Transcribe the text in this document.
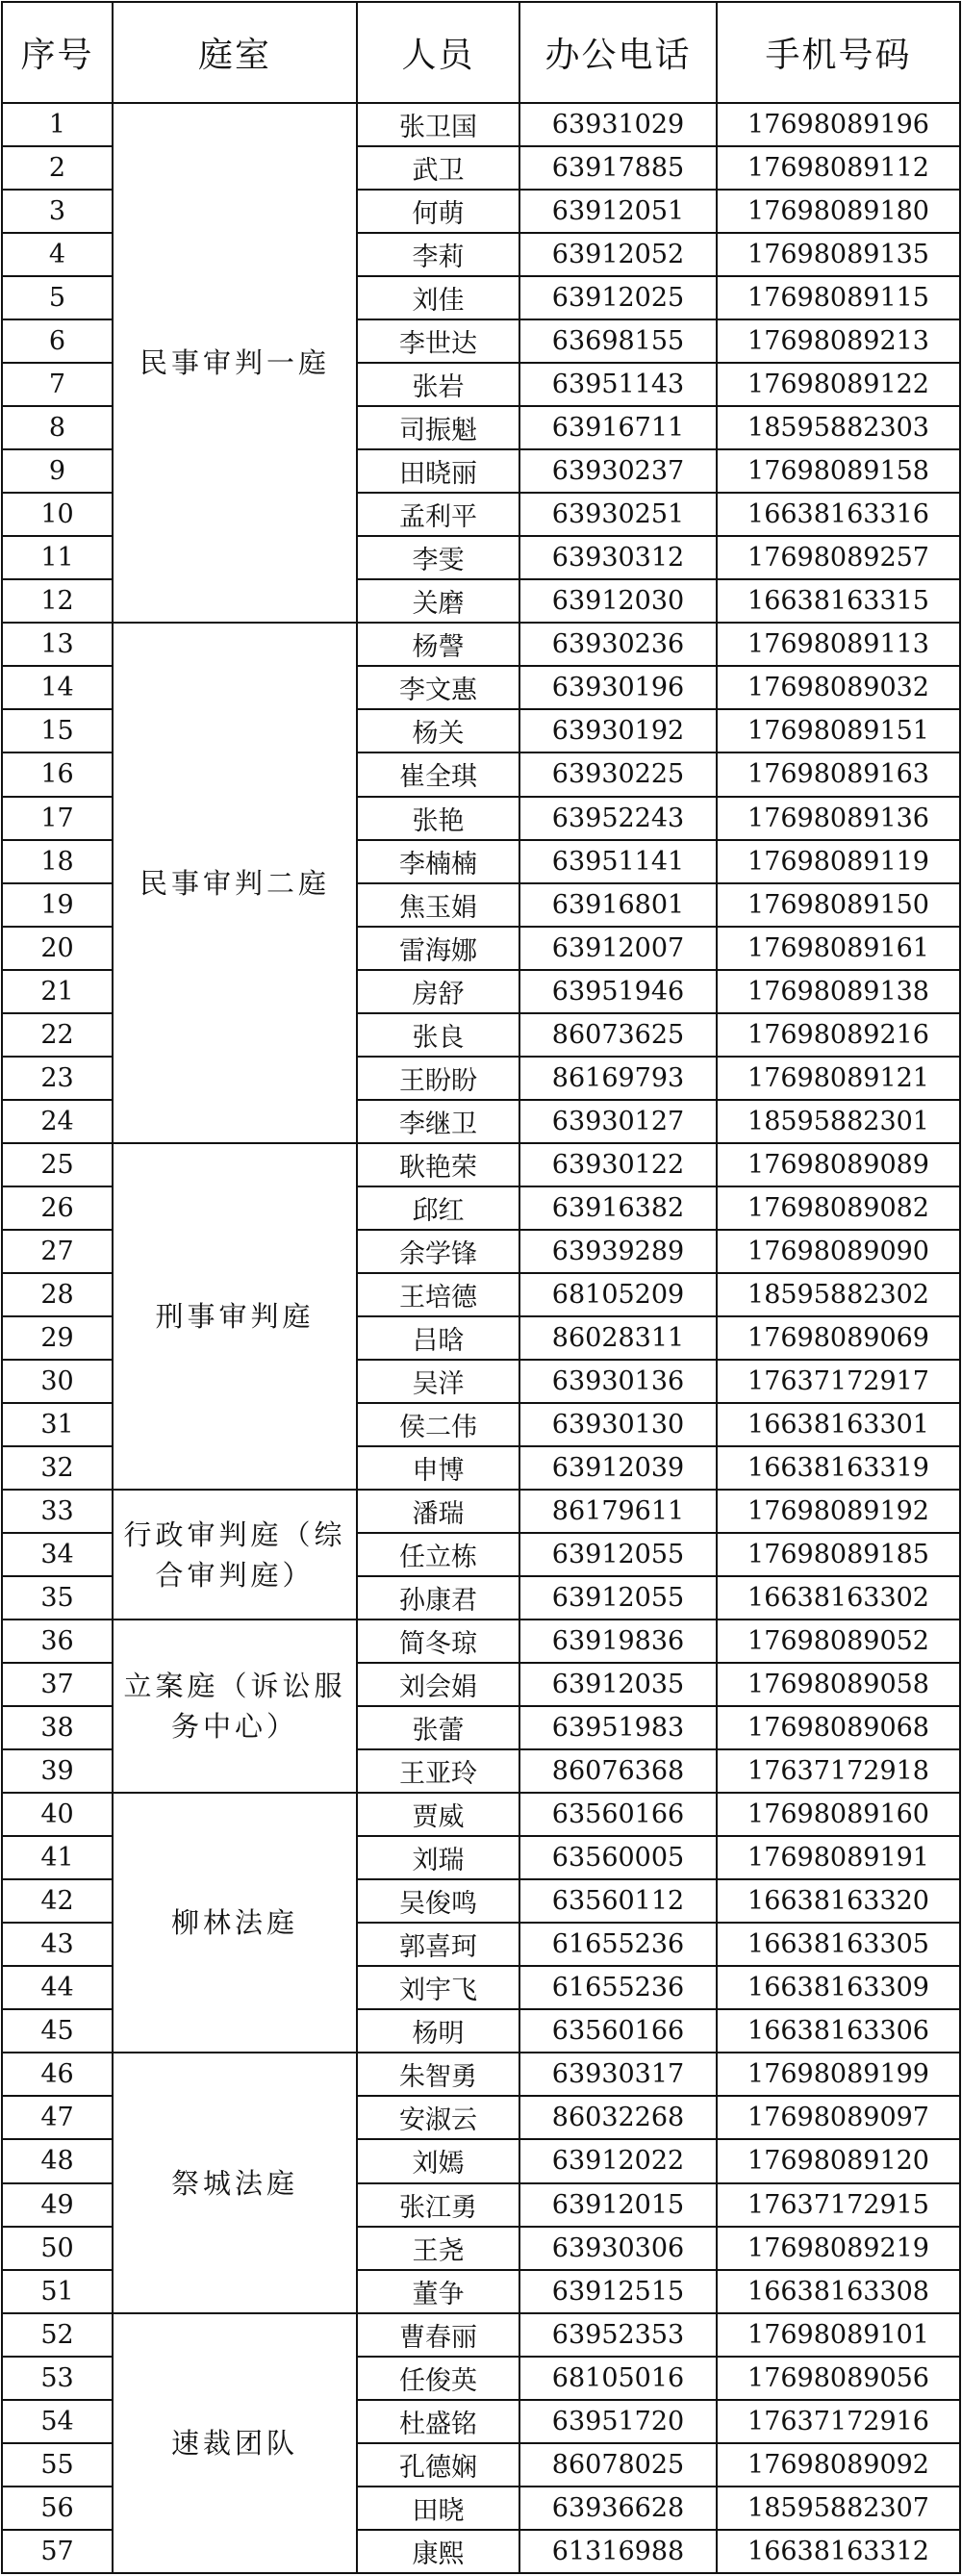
序号	庭室	人员	办公电话	手机号码
1	民事审判一庭	张卫国	63931029	17698089196
2		武卫	63917885	17698089112
3		何萌	63912051	17698089180
4		李莉	63912052	17698089135
5		刘佳	63912025	17698089115
6		李世达	63698155	17698089213
7		张岩	63951143	17698089122
8		司振魁	63916711	18595882303
9		田晓丽	63930237	17698089158
10		孟利平	63930251	16638163316
11		李雯	63930312	17698089257
12		关磨	63912030	16638163315
13	民事审判二庭	杨謦	63930236	17698089113
14		李文惠	63930196	17698089032
15		杨关	63930192	17698089151
16		崔全琪	63930225	17698089163
17		张艳	63952243	17698089136
18		李楠楠	63951141	17698089119
19		焦玉娟	63916801	17698089150
20		雷海娜	63912007	17698089161
21		房舒	63951946	17698089138
22		张良	86073625	17698089216
23		王盼盼	86169793	17698089121
24		李继卫	63930127	18595882301
25	刑事审判庭	耿艳荣	63930122	17698089089
26		邱红	63916382	17698089082
27		余学锋	63939289	17698089090
28		王培德	68105209	18595882302
29		吕晗	86028311	17698089069
30		吴洋	63930136	17637172917
31		侯二伟	63930130	16638163301
32		申博	63912039	16638163319
33	行政审判庭（综合审判庭）	潘瑞	86179611	17698089192
34		任立栋	63912055	17698089185
35		孙康君	63912055	16638163302
36	立案庭（诉讼服务中心）	简冬琼	63919836	17698089052
37		刘会娟	63912035	17698089058
38		张蕾	63951983	17698089068
39		王亚玲	86076368	17637172918
40	柳林法庭	贾威	63560166	17698089160
41		刘瑞	63560005	17698089191
42		吴俊鸣	63560112	16638163320
43		郭喜珂	61655236	16638163305
44		刘宇飞	61655236	16638163309
45		杨明	63560166	16638163306
46	祭城法庭	朱智勇	63930317	17698089199
47		安淑云	86032268	17698089097
48		刘嫣	63912022	17698089120
49		张江勇	63912015	17637172915
50		王尧	63930306	17698089219
51		董争	63912515	16638163308
52	速裁团队	曹春丽	63952353	17698089101
53		任俊英	68105016	17698089056
54		杜盛铭	63951720	17637172916
55		孔德娴	86078025	17698089092
56		田晓	63936628	18595882307
57		康熙	61316988	16638163312
